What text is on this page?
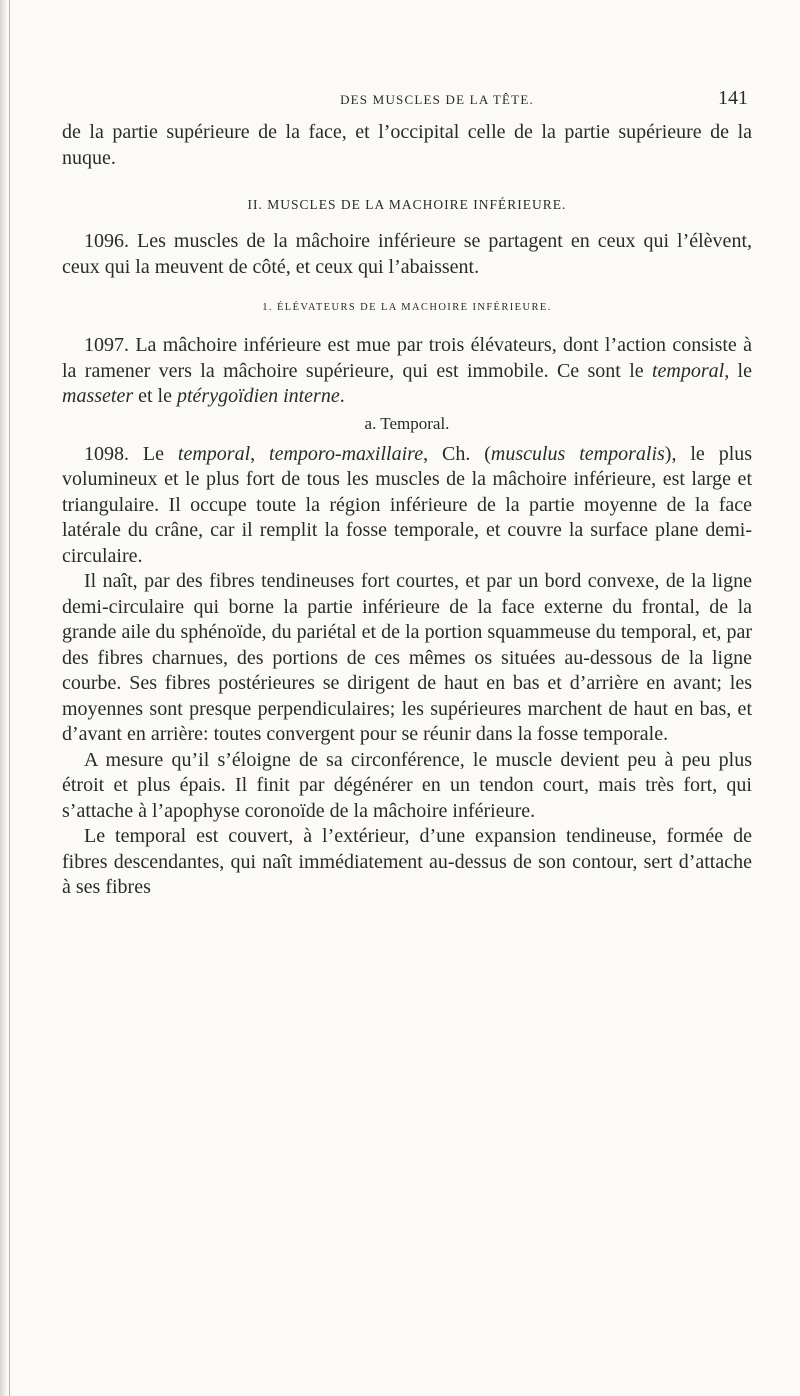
DES MUSCLES DE LA TÊTE.	141

de la partie supérieure de la face, et l’occipital celle de la partie supérieure de la nuque.

II. MUSCLES DE LA MACHOIRE INFÉRIEURE.

1096. Les muscles de la mâchoire inférieure se partagent en ceux qui l’élèvent, ceux qui la meuvent de côté, et ceux qui l’abaissent.

1. ÉLÉVATEURS DE LA MACHOIRE INFÉRIEURE.

1097. La mâchoire inférieure est mue par trois élévateurs, dont l’action consiste à la ramener vers la mâchoire supérieure, qui est immobile. Ce sont le temporal, le masseter et le ptérygoïdien interne.

a. Temporal.

1098. Le temporal, temporo-maxillaire, Ch. (musculus temporalis), le plus volumineux et le plus fort de tous les muscles de la mâchoire inférieure, est large et triangulaire. Il occupe toute la région inférieure de la partie moyenne de la face latérale du crâne, car il remplit la fosse temporale, et couvre la surface plane demi-circulaire.

Il naît, par des fibres tendineuses fort courtes, et par un bord convexe, de la ligne demi-circulaire qui borne la partie inférieure de la face externe du frontal, de la grande aile du sphénoïde, du pariétal et de la portion squammeuse du temporal, et, par des fibres charnues, des portions de ces mêmes os situées au-dessous de la ligne courbe. Ses fibres postérieures se dirigent de haut en bas et d’arrière en avant; les moyennes sont presque perpendiculaires; les supérieures marchent de haut en bas, et d’avant en arrière: toutes convergent pour se réunir dans la fosse temporale.

A mesure qu’il s’éloigne de sa circonférence, le muscle devient peu à peu plus étroit et plus épais. Il finit par dégénérer en un tendon court, mais très fort, qui s’attache à l’apophyse coronoïde de la mâchoire inférieure.

Le temporal est couvert, à l’extérieur, d’une expansion tendineuse, formée de fibres descendantes, qui naît immédiatement au-dessus de son contour, sert d’attache à ses fibres
